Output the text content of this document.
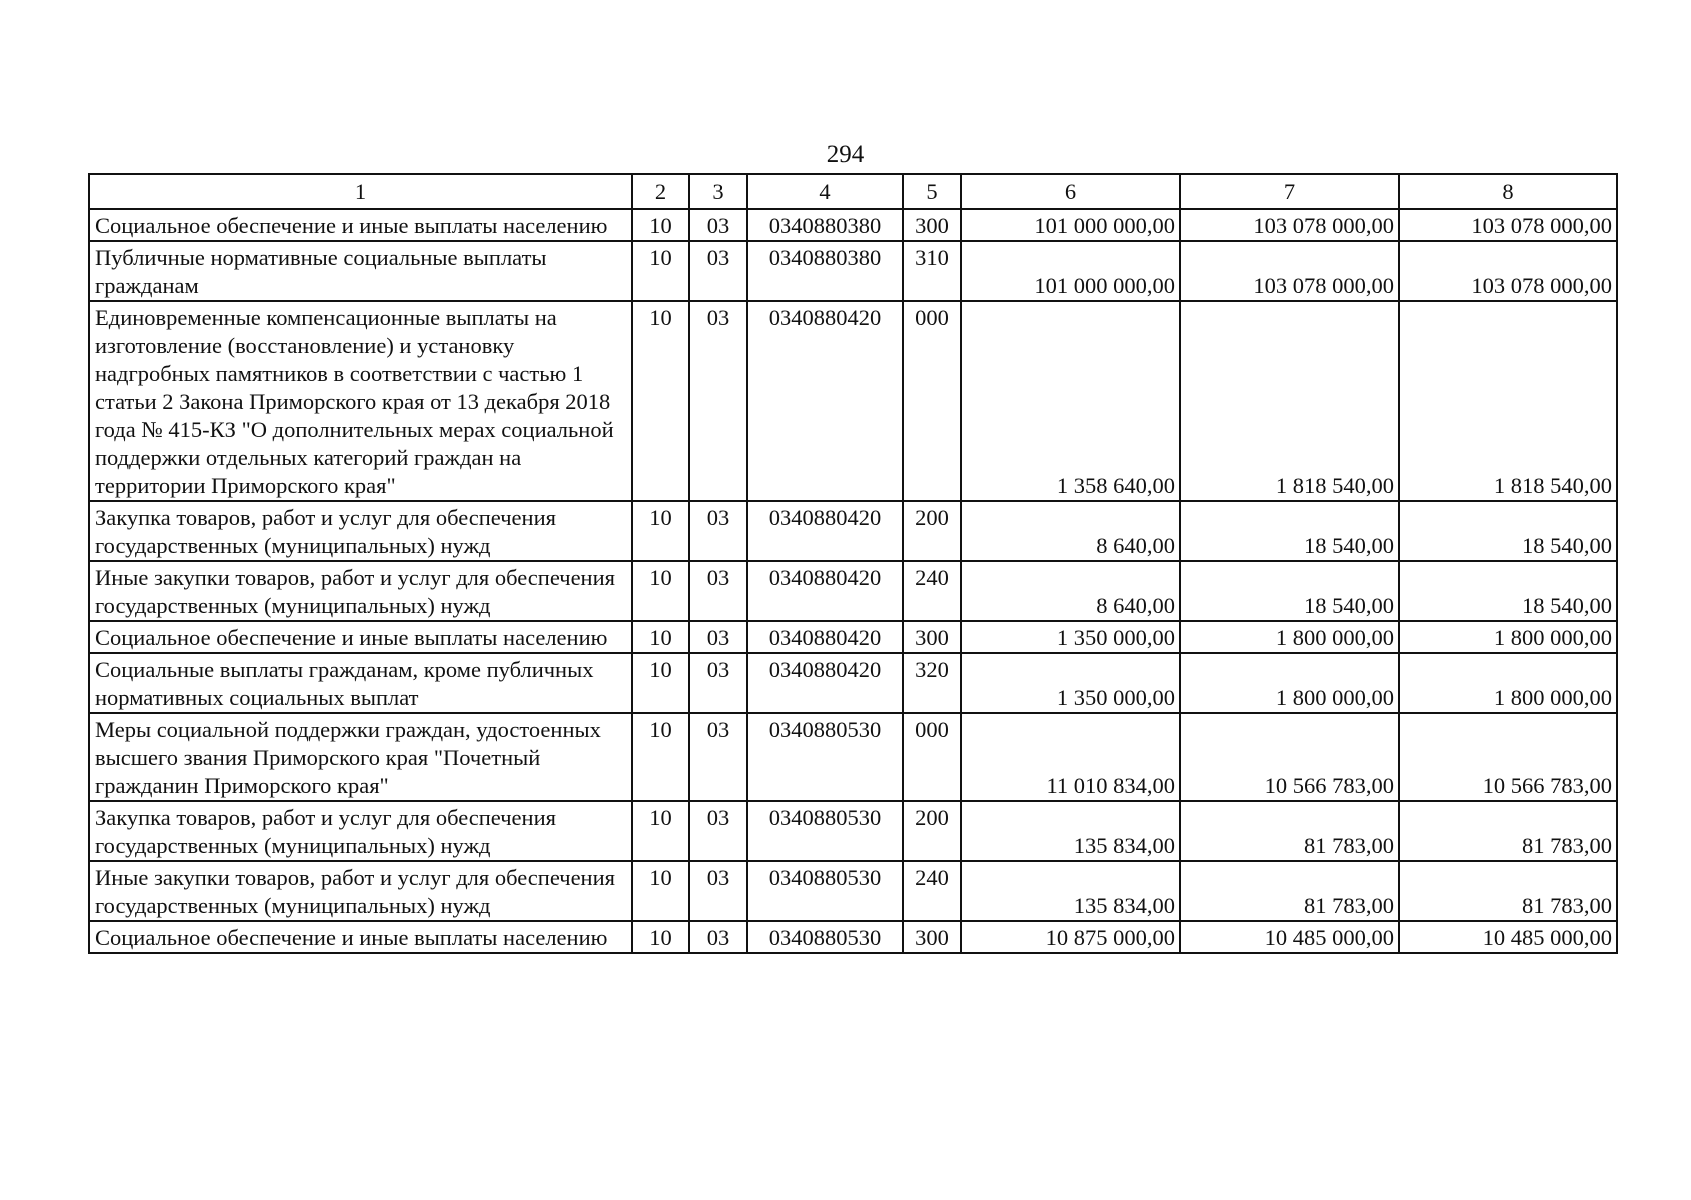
294
1	2	3	4	5	6	7	8
Социальное обеспечение и иные выплаты населению	10	03	0340880380	300	101 000 000,00	103 078 000,00	103 078 000,00
Публичные нормативные социальные выплаты гражданам	10	03	0340880380	310	101 000 000,00	103 078 000,00	103 078 000,00
Единовременные компенсационные выплаты на изготовление (восстановление) и установку надгробных памятников в соответствии с частью 1 статьи 2 Закона Приморского края от 13 декабря 2018 года № 415-КЗ "О дополнительных мерах социальной поддержки отдельных категорий граждан на территории Приморского края"	10	03	0340880420	000	1 358 640,00	1 818 540,00	1 818 540,00
Закупка товаров, работ и услуг для обеспечения государственных (муниципальных) нужд	10	03	0340880420	200	8 640,00	18 540,00	18 540,00
Иные закупки товаров, работ и услуг для обеспечения государственных (муниципальных) нужд	10	03	0340880420	240	8 640,00	18 540,00	18 540,00
Социальное обеспечение и иные выплаты населению	10	03	0340880420	300	1 350 000,00	1 800 000,00	1 800 000,00
Социальные выплаты гражданам, кроме публичных нормативных социальных выплат	10	03	0340880420	320	1 350 000,00	1 800 000,00	1 800 000,00
Меры социальной поддержки граждан, удостоенных высшего звания Приморского края "Почетный гражданин Приморского края"	10	03	0340880530	000	11 010 834,00	10 566 783,00	10 566 783,00
Закупка товаров, работ и услуг для обеспечения государственных (муниципальных) нужд	10	03	0340880530	200	135 834,00	81 783,00	81 783,00
Иные закупки товаров, работ и услуг для обеспечения государственных (муниципальных) нужд	10	03	0340880530	240	135 834,00	81 783,00	81 783,00
Социальное обеспечение и иные выплаты населению	10	03	0340880530	300	10 875 000,00	10 485 000,00	10 485 000,00
